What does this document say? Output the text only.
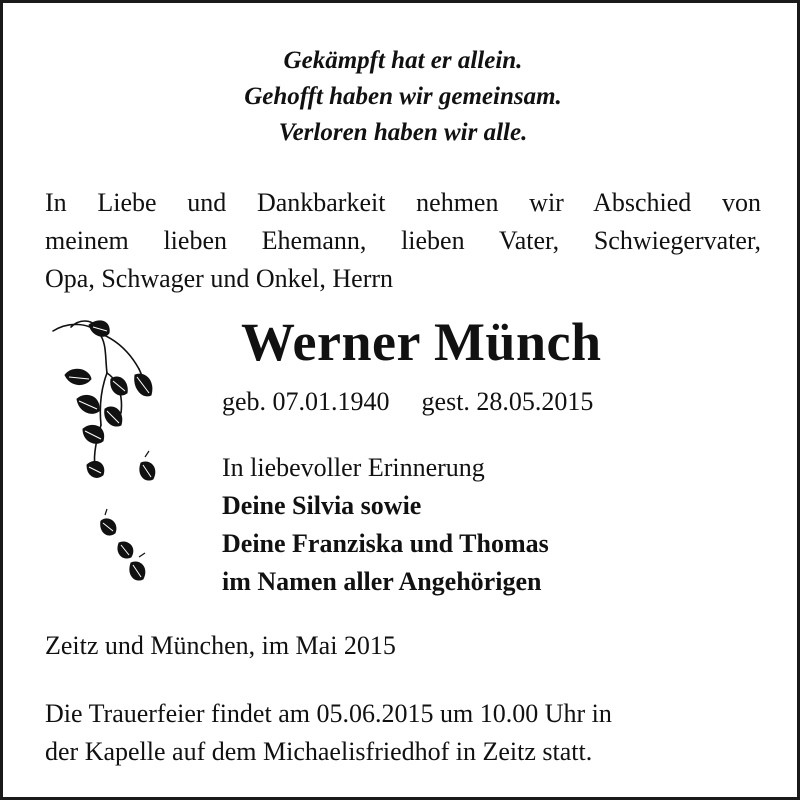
Gekämpft hat er allein.
Gehofft haben wir gemeinsam.
Verloren haben wir alle.
In Liebe und Dankbarkeit nehmen wir Abschied von
meinem lieben Ehemann, lieben Vater, Schwiegervater,
Opa, Schwager und Onkel, Herrn
Werner Münch
geb. 07.01.1940 gest. 28.05.2015
In liebevoller Erinnerung
Deine Silvia sowie
Deine Franziska und Thomas
im Namen aller Angehörigen
Zeitz und München, im Mai 2015
Die Trauerfeier findet am 05.06.2015 um 10.00 Uhr in
der Kapelle auf dem Michaelisfriedhof in Zeitz statt.
